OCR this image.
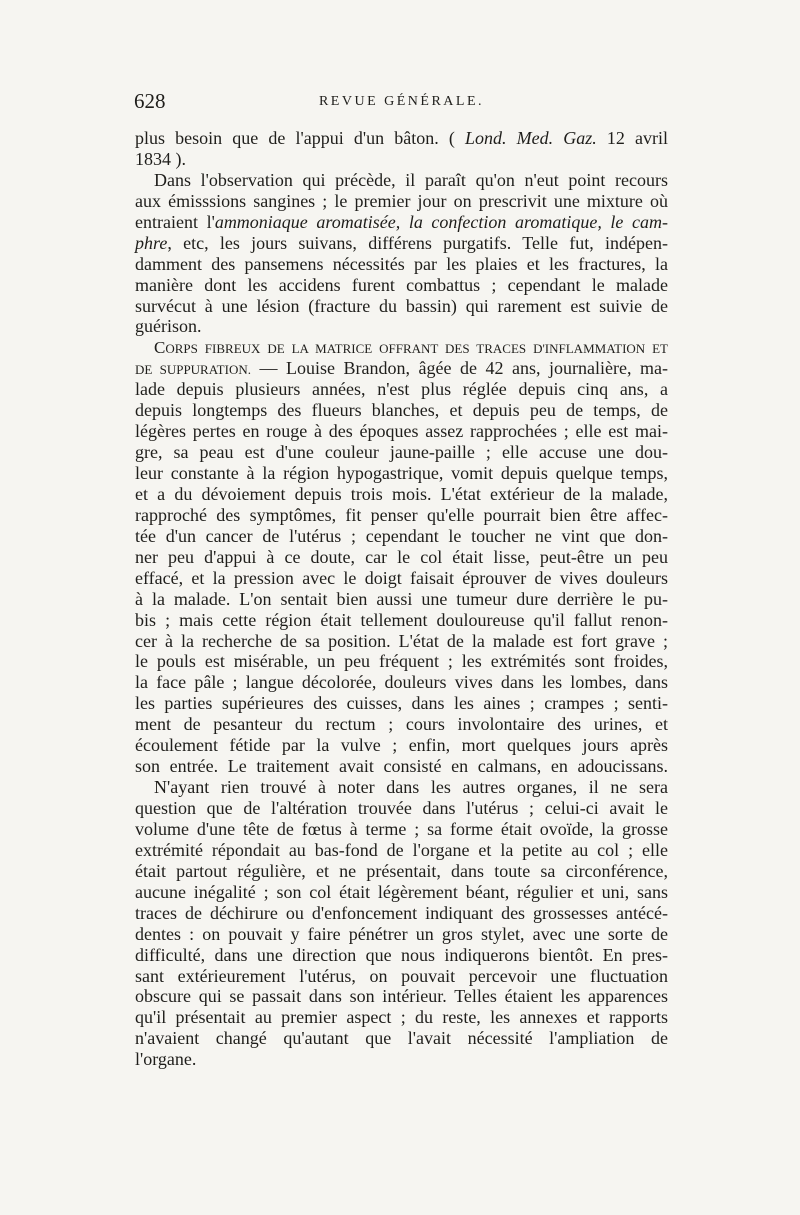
628	REVUE GÉNÉRALE.
plus besoin que de l'appui d'un bâton. ( Lond. Med. Gaz. 12 avril
1834 ).
Dans l'observation qui précède, il paraît qu'on n'eut point recours
aux émisssions sangines ; le premier jour on prescrivit une mixture où
entraient l'ammoniaque aromatisée, la confection aromatique, le cam-
phre, etc, les jours suivans, différens purgatifs. Telle fut, indépen-
damment des pansemens nécessités par les plaies et les fractures, la
manière dont les accidens furent combattus ; cependant le malade
survécut à une lésion (fracture du bassin) qui rarement est suivie de
guérison.
CORPS FIBREUX DE LA MATRICE OFFRANT DES TRACES D'INFLAMMATION ET
DE SUPPURATION. — Louise Brandon, âgée de 42 ans, journalière, ma-
lade depuis plusieurs années, n'est plus réglée depuis cinq ans, a
depuis longtemps des flueurs blanches, et depuis peu de temps, de
légères pertes en rouge à des époques assez rapprochées ; elle est mai-
gre, sa peau est d'une couleur jaune-paille ; elle accuse une dou-
leur constante à la région hypogastrique, vomit depuis quelque temps,
et a du dévoiement depuis trois mois. L'état extérieur de la malade,
rapproché des symptômes, fit penser qu'elle pourrait bien être affec-
tée d'un cancer de l'utérus ; cependant le toucher ne vint que don-
ner peu d'appui à ce doute, car le col était lisse, peut-être un peu
effacé, et la pression avec le doigt faisait éprouver de vives douleurs
à la malade. L'on sentait bien aussi une tumeur dure derrière le pu-
bis ; mais cette région était tellement douloureuse qu'il fallut renon-
cer à la recherche de sa position. L'état de la malade est fort grave ;
le pouls est misérable, un peu fréquent ; les extrémités sont froides,
la face pâle ; langue décolorée, douleurs vives dans les lombes, dans
les parties supérieures des cuisses, dans les aines ; crampes ; senti-
ment de pesanteur du rectum ; cours involontaire des urines, et
écoulement fétide par la vulve ; enfin, mort quelques jours après
son entrée. Le traitement avait consisté en calmans, en adoucissans.
N'ayant rien trouvé à noter dans les autres organes, il ne sera
question que de l'altération trouvée dans l'utérus ; celui-ci avait le
volume d'une tête de fœtus à terme ; sa forme était ovoïde, la grosse
extrémité répondait au bas-fond de l'organe et la petite au col ; elle
était partout régulière, et ne présentait, dans toute sa circonférence,
aucune inégalité ; son col était légèrement béant, régulier et uni, sans
traces de déchirure ou d'enfoncement indiquant des grossesses antécé-
dentes : on pouvait y faire pénétrer un gros stylet, avec une sorte de
difficulté, dans une direction que nous indiquerons bientôt. En pres-
sant extérieurement l'utérus, on pouvait percevoir une fluctuation
obscure qui se passait dans son intérieur. Telles étaient les apparences
qu'il présentait au premier aspect ; du reste, les annexes et rapports
n'avaient changé qu'autant que l'avait nécessité l'ampliation de
l'organe.
